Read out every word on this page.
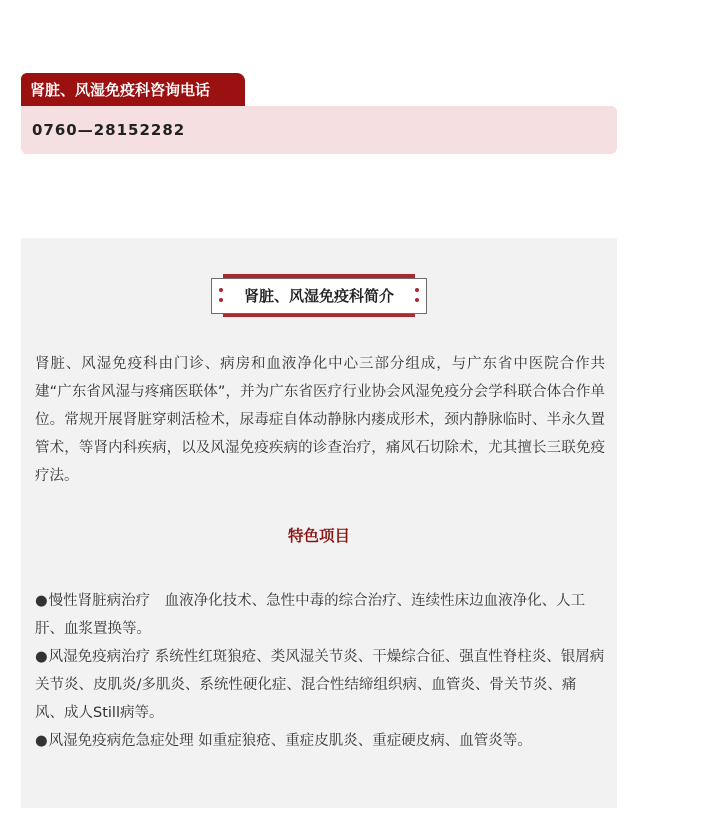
肾脏、风湿免疫科咨询电话
0760—28152282
肾脏、风湿免疫科简介

肾脏、风湿免疫科由门诊、病房和血液净化中心三部分组成，与广东省中医院合作共建“广东省风湿与疼痛医联体”，并为广东省医疗行业协会风湿免疫分会学科联合体合作单位。常规开展肾脏穿刺活检术，尿毒症自体动静脉内瘘成形术，颈内静脉临时、半永久置管术，等肾内科疾病，以及风湿免疫疾病的诊查治疗，痛风石切除术，尤其擅长三联免疫疗法。

特色项目
●慢性肾脏病治疗　血液净化技术、急性中毒的综合治疗、连续性床边血液净化、人工肝、血浆置换等。
●风湿免疫病治疗 系统性红斑狼疮、类风湿关节炎、干燥综合征、强直性脊柱炎、银屑病关节炎、皮肌炎/多肌炎、系统性硬化症、混合性结缔组织病、血管炎、骨关节炎、痛风、成人Still病等。
●风湿免疫病危急症处理 如重症狼疮、重症皮肌炎、重症硬皮病、血管炎等。
